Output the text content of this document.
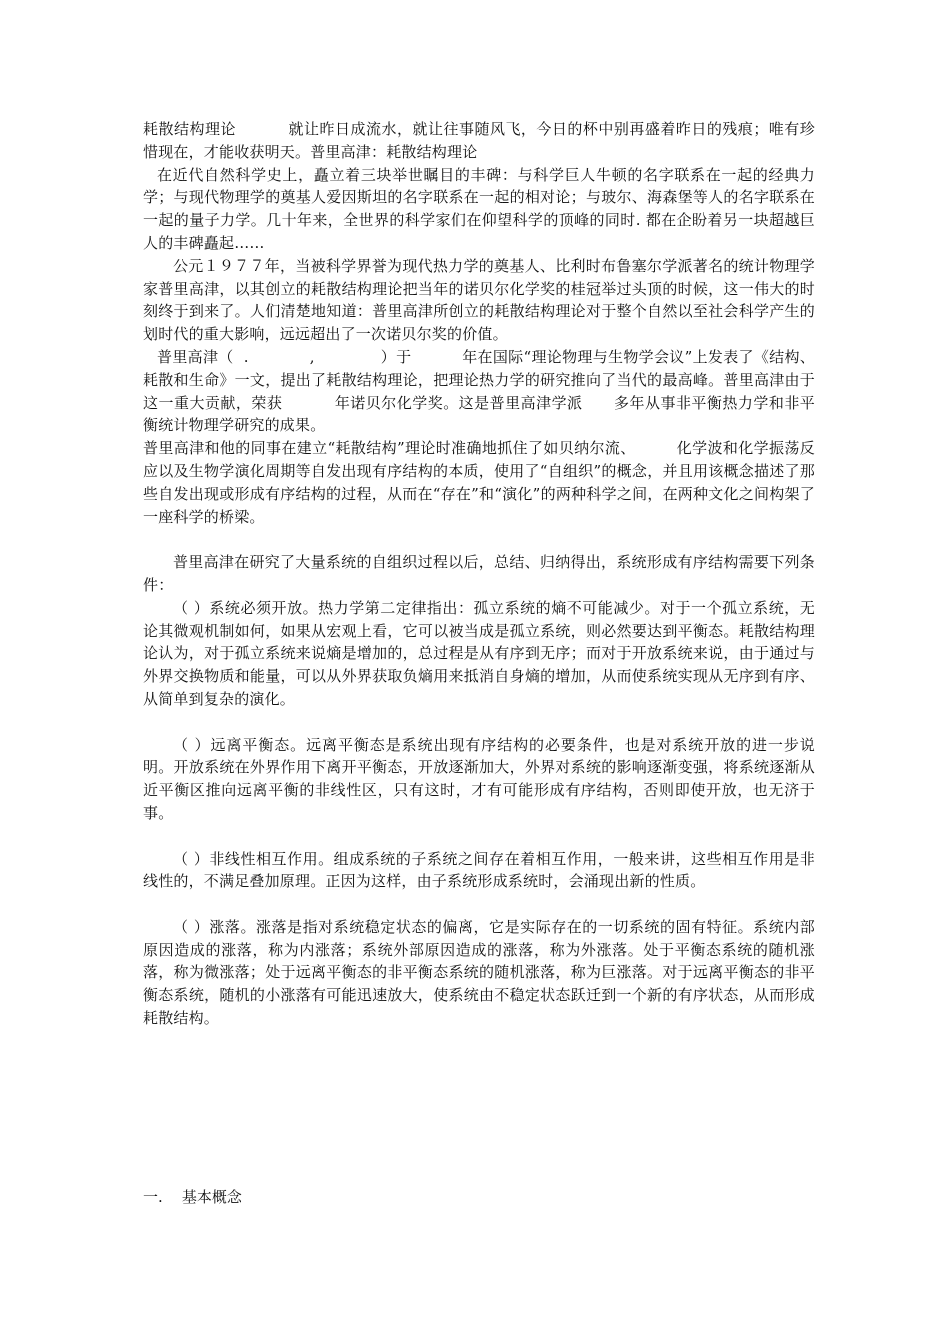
耗散结构理论          就让昨日成流水，就让往事随风飞，今日的杯中别再盛着昨日的残痕；唯有珍惜现在，才能收获明天。普里高津：耗散结构理论

在近代自然科学史上，矗立着三块举世瞩目的丰碑：与科学巨人牛顿的名字联系在一起的经典力学；与现代物理学的奠基人爱因斯坦的名字联系在一起的相对论；与玻尔、海森堡等人的名字联系在一起的量子力学。几十年来，全世界的科学家们在仰望科学的顶峰的同时. 都在企盼着另一块超越巨人的丰碑矗起……

公元１９７７年，当被科学界誉为现代热力学的奠基人、比利时布鲁塞尔学派著名的统计物理学家普里高津，以其创立的耗散结构理论把当年的诺贝尔化学奖的桂冠举过头顶的时候，这一伟大的时刻终于到来了。人们清楚地知道：普里高津所创立的耗散结构理论对于整个自然以至社会科学产生的划时代的重大影响，远远超出了一次诺贝尔奖的价值。

普里高津（  .            ,             ）于          年在国际“理论物理与生物学会议”上发表了《结构、耗散和生命》一文，提出了耗散结构理论，把理论热力学的研究推向了当代的最高峰。普里高津由于这一重大贡献，荣获          年诺贝尔化学奖。这是普里高津学派      多年从事非平衡热力学和非平衡统计物理学研究的成果。

普里高津和他的同事在建立“耗散结构”理论时准确地抓住了如贝纳尔流、        化学波和化学振荡反应以及生物学演化周期等自发出现有序结构的本质，使用了“自组织”的概念，并且用该概念描述了那些自发出现或形成有序结构的过程，从而在“存在”和“演化”的两种科学之间，在两种文化之间构架了一座科学的桥梁。

普里高津在研究了大量系统的自组织过程以后，总结、归纳得出，系统形成有序结构需要下列条件：

（ ）系统必须开放。热力学第二定律指出：孤立系统的熵不可能减少。对于一个孤立系统，无论其微观机制如何，如果从宏观上看，它可以被当成是孤立系统，则必然要达到平衡态。耗散结构理论认为，对于孤立系统来说熵是增加的，总过程是从有序到无序；而对于开放系统来说，由于通过与外界交换物质和能量，可以从外界获取负熵用来抵消自身熵的增加，从而使系统实现从无序到有序、从简单到复杂的演化。

（ ）远离平衡态。远离平衡态是系统出现有序结构的必要条件，也是对系统开放的进一步说明。开放系统在外界作用下离开平衡态，开放逐渐加大，外界对系统的影响逐渐变强，将系统逐渐从近平衡区推向远离平衡的非线性区，只有这时，才有可能形成有序结构，否则即使开放，也无济于事。

（ ）非线性相互作用。组成系统的子系统之间存在着相互作用，一般来讲，这些相互作用是非线性的，不满足叠加原理。正因为这样，由子系统形成系统时，会涌现出新的性质。

（ ）涨落。涨落是指对系统稳定状态的偏离，它是实际存在的一切系统的固有特征。系统内部原因造成的涨落，称为内涨落；系统外部原因造成的涨落，称为外涨落。处于平衡态系统的随机涨落，称为微涨落；处于远离平衡态的非平衡态系统的随机涨落，称为巨涨落。对于远离平衡态的非平衡态系统，随机的小涨落有可能迅速放大，使系统由不稳定状态跃迁到一个新的有序状态，从而形成耗散结构。

一.    基本概念
